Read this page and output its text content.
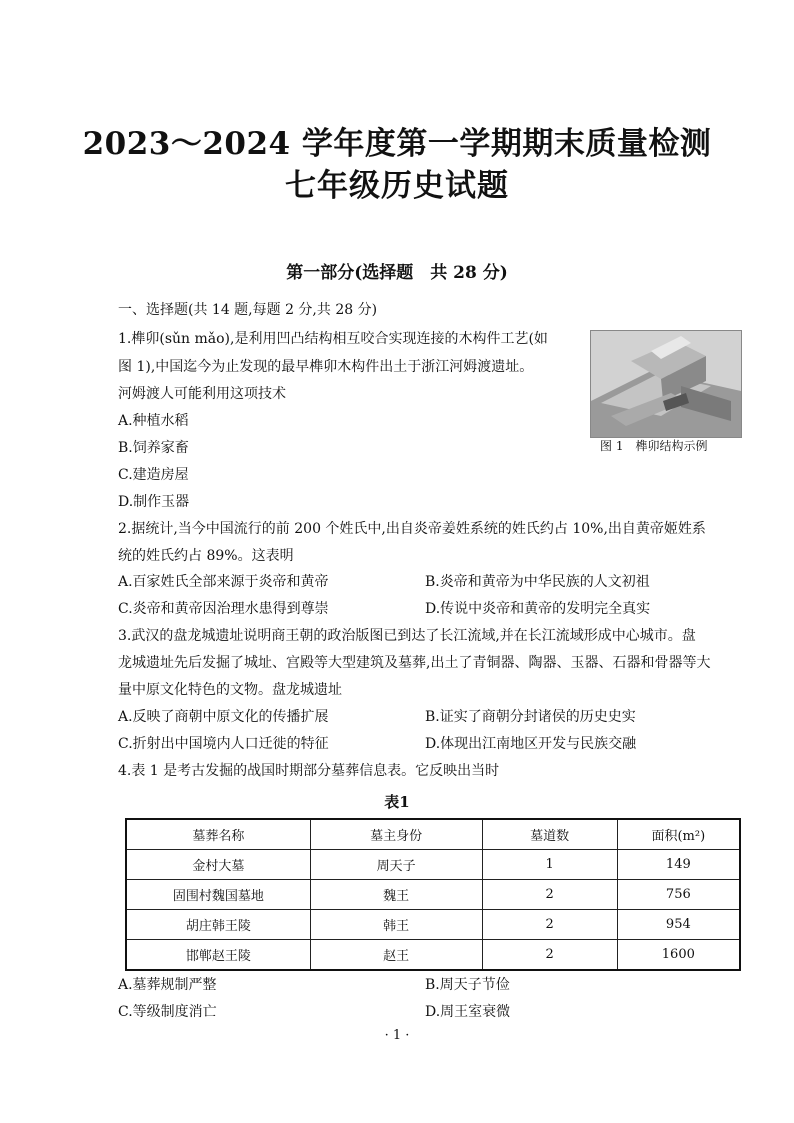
2023～2024 学年度第一学期期末质量检测
七年级历史试题
第一部分(选择题　共 28 分)
一、选择题(共 14 题,每题 2 分,共 28 分)
1.榫卯(sǔn mǎo),是利用凹凸结构相互咬合实现连接的木构件工艺(如
图 1),中国迄今为止发现的最早榫卯木构件出土于浙江河姆渡遗址。
河姆渡人可能利用这项技术
A.种植水稻
B.饲养家畜
C.建造房屋
D.制作玉器
图 1　榫卯结构示例
2.据统计,当今中国流行的前 200 个姓氏中,出自炎帝姜姓系统的姓氏约占 10%,出自黄帝姬姓系
统的姓氏约占 89%。这表明
A.百家姓氏全部来源于炎帝和黄帝	B.炎帝和黄帝为中华民族的人文初祖
C.炎帝和黄帝因治理水患得到尊崇	D.传说中炎帝和黄帝的发明完全真实
3.武汉的盘龙城遗址说明商王朝的政治版图已到达了长江流域,并在长江流域形成中心城市。盘
龙城遗址先后发掘了城址、宫殿等大型建筑及墓葬,出土了青铜器、陶器、玉器、石器和骨器等大
量中原文化特色的文物。盘龙城遗址
A.反映了商朝中原文化的传播扩展	B.证实了商朝分封诸侯的历史史实
C.折射出中国境内人口迁徙的特征	D.体现出江南地区开发与民族交融
4.表 1 是考古发掘的战国时期部分墓葬信息表。它反映出当时
表1
墓葬名称	墓主身份	墓道数	面积(m²)
金村大墓	周天子	1	149
固围村魏国墓地	魏王	2	756
胡庄韩王陵	韩王	2	954
邯郸赵王陵	赵王	2	1600
A.墓葬规制严整	B.周天子节俭
C.等级制度消亡	D.周王室衰微
· 1 ·
